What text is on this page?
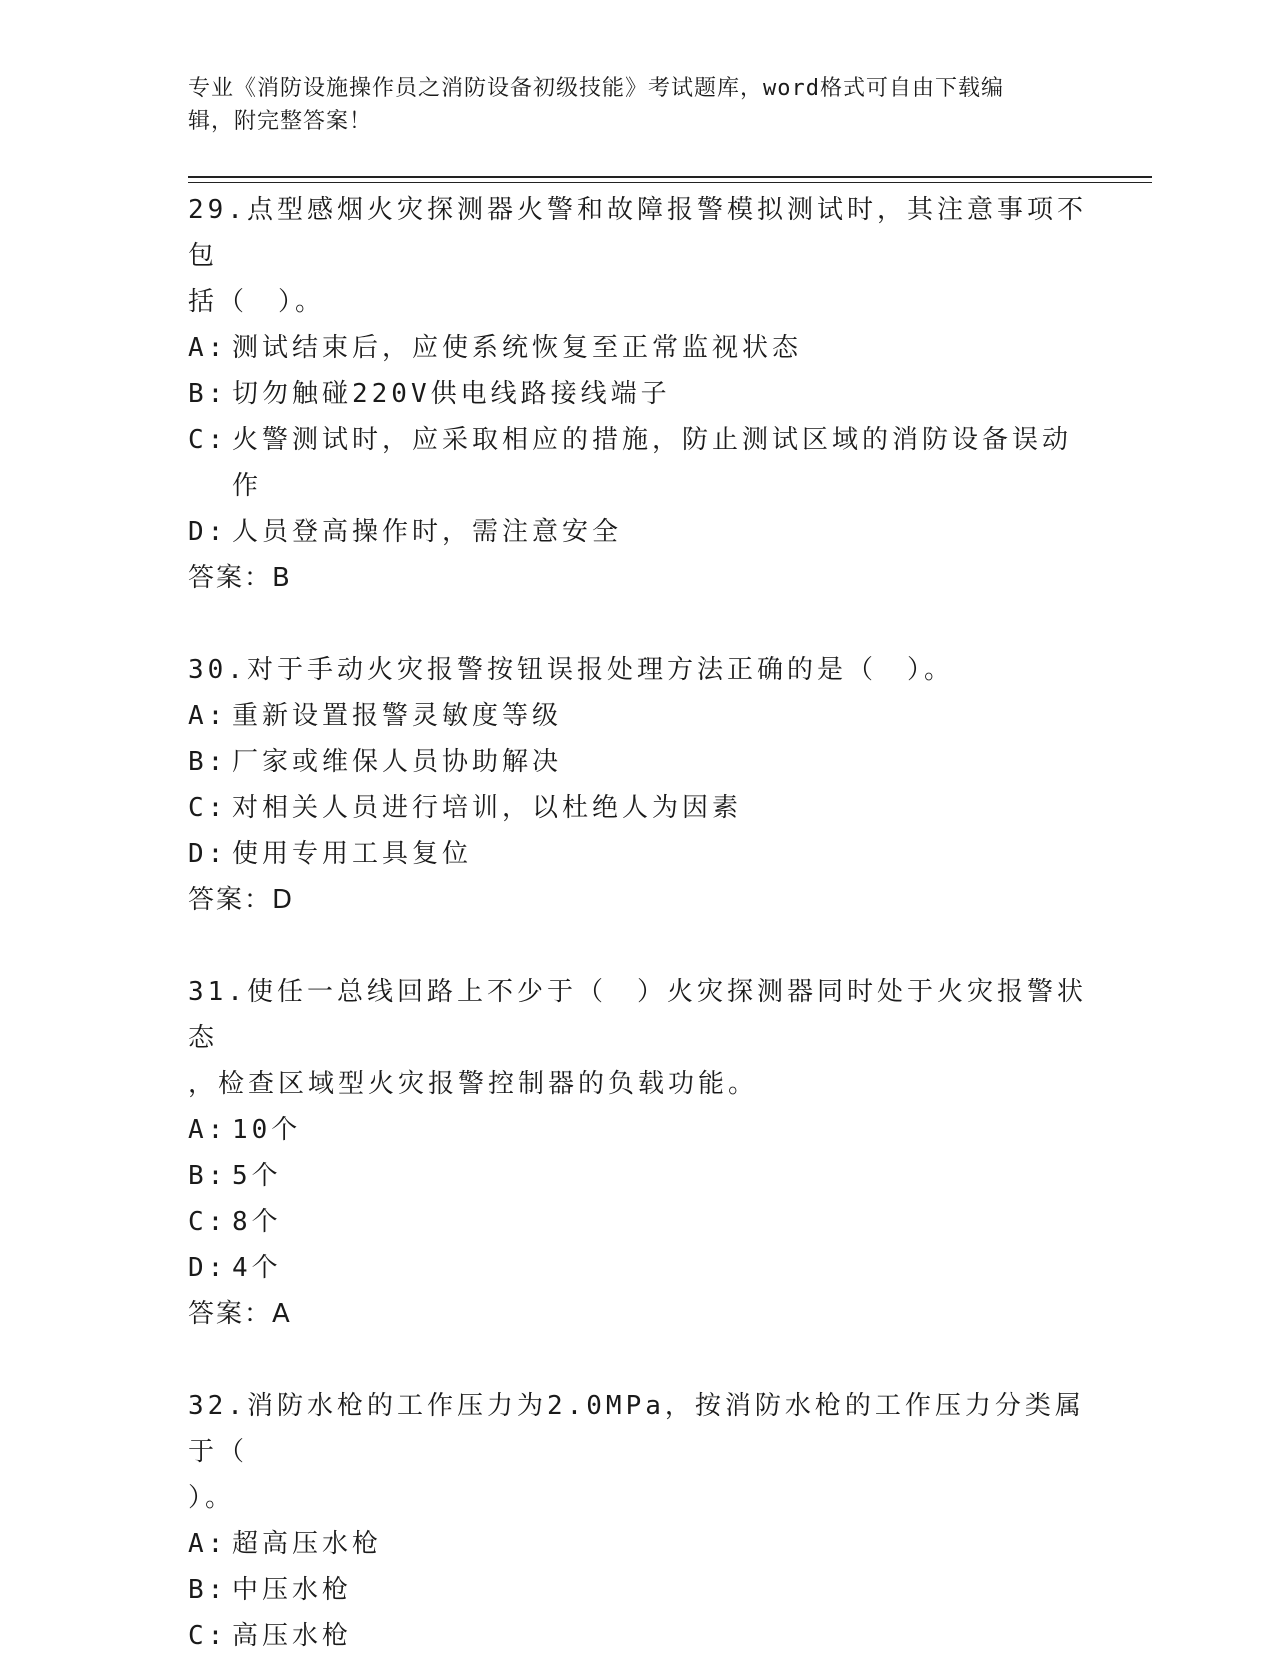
专业《消防设施操作员之消防设备初级技能》考试题库，word格式可自由下载编
辑，附完整答案！
29.点型感烟火灾探测器火警和故障报警模拟测试时，其注意事项不包
括（　）。
A: 测试结束后，应使系统恢复至正常监视状态
B: 切勿触碰220V供电线路接线端子
C: 火警测试时，应采取相应的措施，防止测试区域的消防设备误动作
D: 人员登高操作时，需注意安全
答案：B
30.对于手动火灾报警按钮误报处理方法正确的是（　）。
A: 重新设置报警灵敏度等级
B: 厂家或维保人员协助解决
C: 对相关人员进行培训，以杜绝人为因素
D: 使用专用工具复位
答案：D
31.使任一总线回路上不少于（　）火灾探测器同时处于火灾报警状态
，检查区域型火灾报警控制器的负载功能。
A: 10个
B: 5个
C: 8个
D: 4个
答案：A
32.消防水枪的工作压力为2.0MPa，按消防水枪的工作压力分类属于（
）。
A: 超高压水枪
B: 中压水枪
C: 高压水枪
